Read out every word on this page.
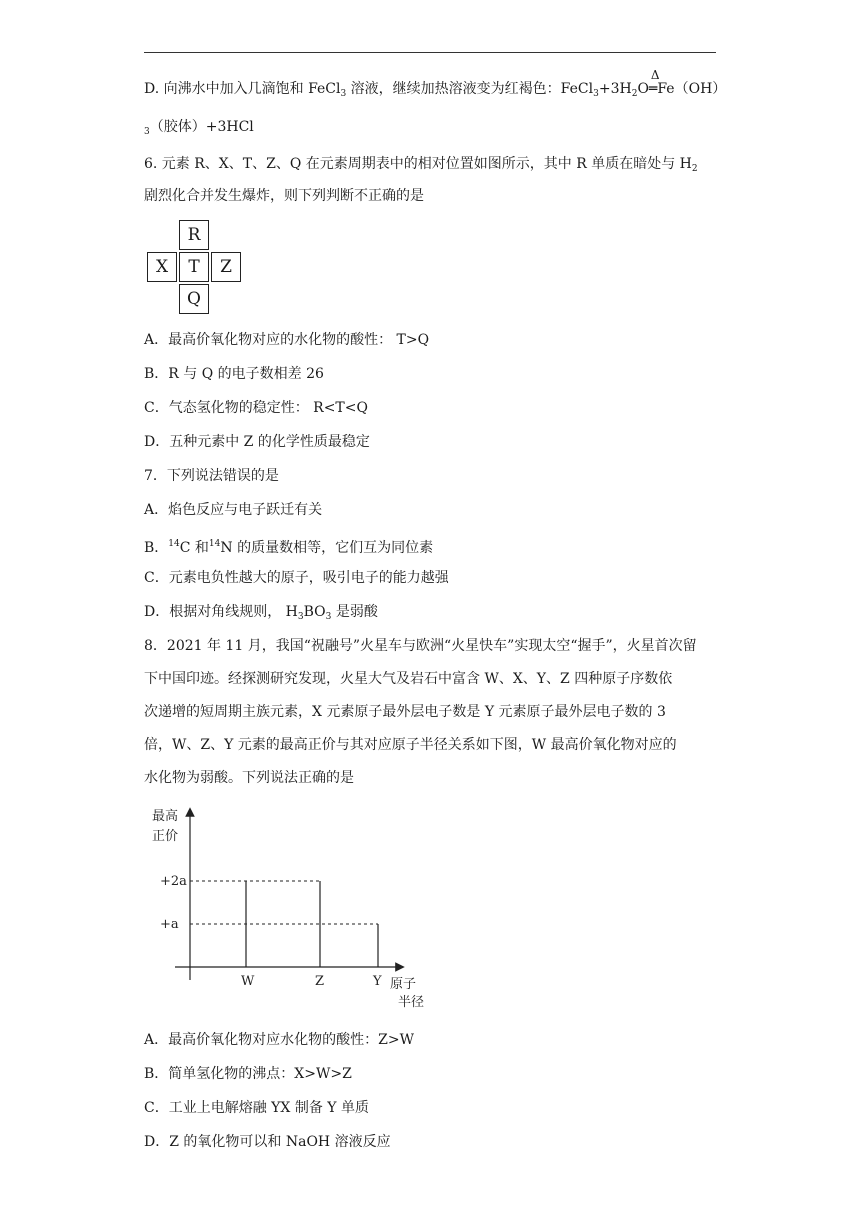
D. 向沸水中加入几滴饱和 FeCl$_3$ 溶液，继续加热溶液变为红褐色：$FeCl_3+3H_2O$
Δ
═Fe（OH）
$_3$（胶体）+3HCl
6. 元素 R、X、T、Z、Q 在元素周期表中的相对位置如图所示，其中 R 单质在暗处与 $H_2$
剧烈化合并发生爆炸，则下列判断不正确的是
R
X	T	Z
Q
A．最高价氧化物对应的水化物的酸性： T>Q
B．R 与 Q 的电子数相差 26
C．气态氢化物的稳定性： R<T<Q
D．五种元素中 Z 的化学性质最稳定
7．下列说法错误的是
A．焰色反应与电子跃迁有关
B．$^{14}$C 和$^{14}$N 的质量数相等，它们互为同位素
C．元素电负性越大的原子，吸引电子的能力越强
D．根据对角线规则， $H_3BO_3$ 是弱酸
8．2021 年 11 月，我国“祝融号”火星车与欧洲“火星快车”实现太空“握手”，火星首次留
下中国印迹。经探测研究发现，火星大气及岩石中富含 W、X、Y、Z 四种原子序数依
次递增的短周期主族元素，X 元素原子最外层电子数是 Y 元素原子最外层电子数的 3
倍，W、Z、Y 元素的最高正价与其对应原子半径关系如下图，W 最高价氧化物对应的
水化物为弱酸。下列说法正确的是
最高
正价
+a
+2a
W	Z	Y 原子
半径
A．最高价氧化物对应水化物的酸性：Z>W
B．简单氢化物的沸点：X>W>Z
C．工业上电解熔融 YX 制备 Y 单质
D．Z 的氧化物可以和 NaOH 溶液反应
